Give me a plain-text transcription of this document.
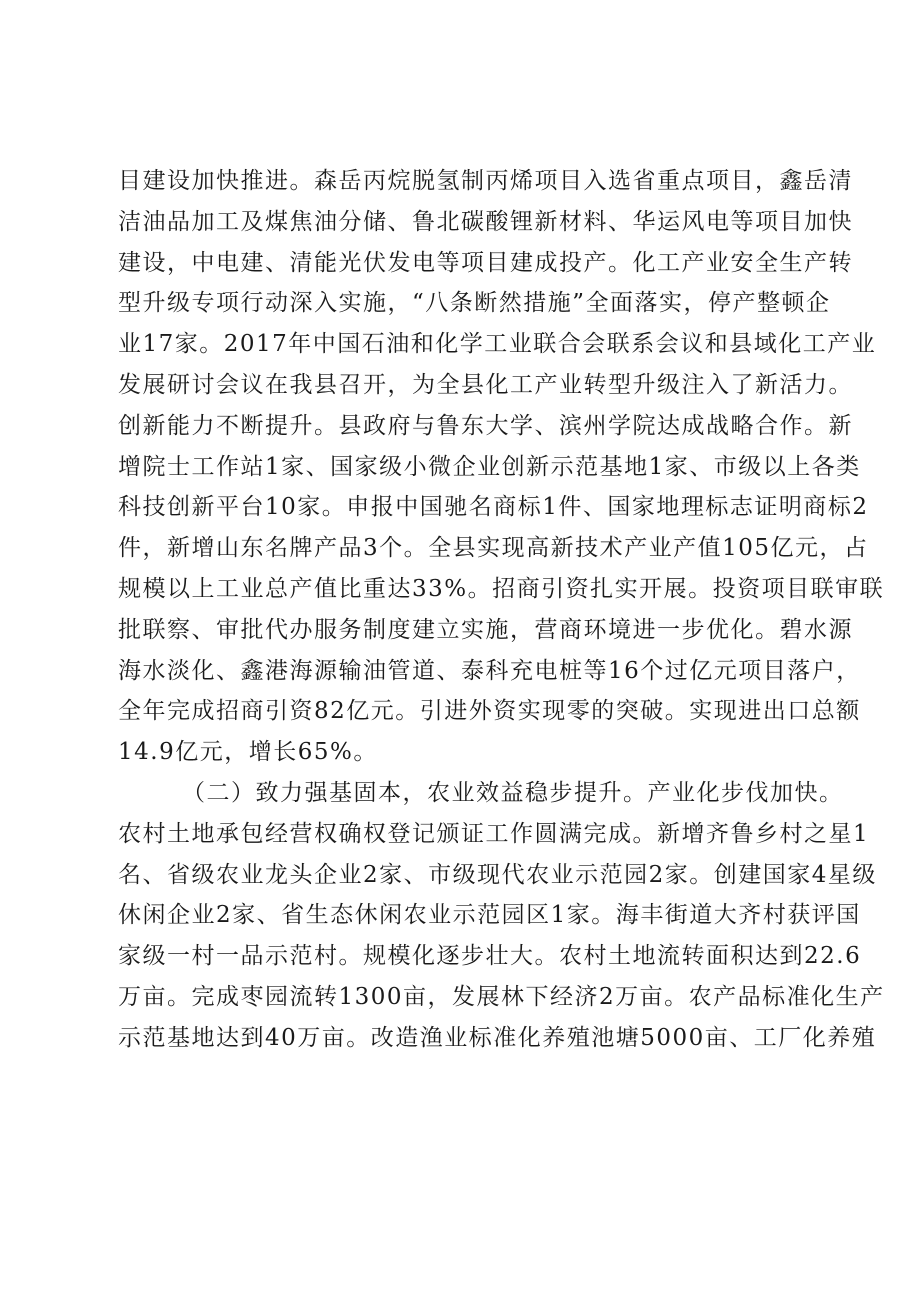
目建设加快推进。森岳丙烷脱氢制丙烯项目入选省重点项目，鑫岳清
洁油品加工及煤焦油分储、鲁北碳酸锂新材料、华运风电等项目加快
建设，中电建、清能光伏发电等项目建成投产。化工产业安全生产转
型升级专项行动深入实施，“八条断然措施”全面落实，停产整顿企
业17家。2017年中国石油和化学工业联合会联系会议和县域化工产业
发展研讨会议在我县召开，为全县化工产业转型升级注入了新活力。
创新能力不断提升。县政府与鲁东大学、滨州学院达成战略合作。新
增院士工作站1家、国家级小微企业创新示范基地1家、市级以上各类
科技创新平台10家。申报中国驰名商标1件、国家地理标志证明商标2
件，新增山东名牌产品3个。全县实现高新技术产业产值105亿元，占
规模以上工业总产值比重达33%。招商引资扎实开展。投资项目联审联
批联察、审批代办服务制度建立实施，营商环境进一步优化。碧水源
海水淡化、鑫港海源输油管道、泰科充电桩等16个过亿元项目落户，
全年完成招商引资82亿元。引进外资实现零的突破。实现进出口总额
14.9亿元，增长65%。
（二）致力强基固本，农业效益稳步提升。产业化步伐加快。
农村土地承包经营权确权登记颁证工作圆满完成。新增齐鲁乡村之星1
名、省级农业龙头企业2家、市级现代农业示范园2家。创建国家4星级
休闲企业2家、省生态休闲农业示范园区1家。海丰街道大齐村获评国
家级一村一品示范村。规模化逐步壮大。农村土地流转面积达到22.6
万亩。完成枣园流转1300亩，发展林下经济2万亩。农产品标准化生产
示范基地达到40万亩。改造渔业标准化养殖池塘5000亩、工厂化养殖
